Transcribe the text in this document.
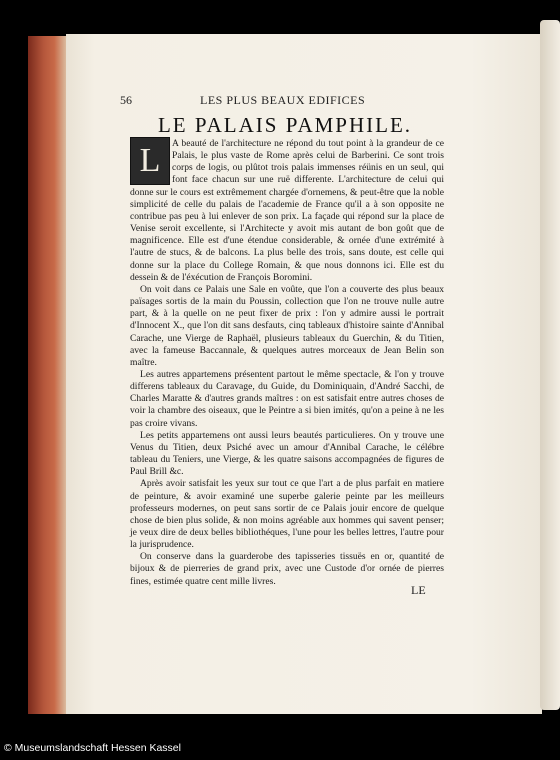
56	LES PLUS BEAUX EDIFICES
LE PALAIS PAMPHILE.
L	A beauté de l'architecture ne répond du tout point à la grandeur de ce Palais, le plus vaste de Rome après celui de Barberini. Ce sont trois corps de logis, ou plûtot trois palais immenses réünis en un seul, qui font face chacun sur une ruë differente. L'architecture de celui qui donne sur le cours est extrêmement chargée d'ornemens, & peut-être que la noble simplicité de celle du palais de l'academie de France qu'il a à son opposite ne contribue pas peu à lui enlever de son prix. La façade qui répond sur la place de Venise seroit excellente, si l'Architecte y avoit mis autant de bon goût que de magnificence. Elle est d'une étendue considerable, & ornée d'une extrémité à l'autre de stucs, & de balcons. La plus belle des trois, sans doute, est celle qui donne sur la place du College Romain, & que nous donnons ici. Elle est du dessein & de l'éxécution de François Boromini.

On voit dans ce Palais une Sale en voûte, que l'on a couverte des plus beaux païsages sortis de la main du Poussin, collection que l'on ne trouve nulle autre part, & à la quelle on ne peut fixer de prix : l'on y admire aussi le portrait d'Innocent X., que l'on dit sans desfauts, cinq tableaux d'histoire sainte d'Annibal Carache, une Vierge de Raphaël, plusieurs tableaux du Guerchin, & du Titien, avec la fameuse Baccannale, & quelques autres morceaux de Jean Belin son maître.

Les autres appartemens présentent partout le même spectacle, & l'on y trouve differens tableaux du Caravage, du Guide, du Dominiquain, d'André Sacchi, de Charles Maratte & d'autres grands maîtres : on est satisfait entre autres choses de voir la chambre des oiseaux, que le Peintre a si bien imités, qu'on a peine à ne les pas croire vivans.

Les petits appartemens ont aussi leurs beautés particulieres. On y trouve une Venus du Titien, deux Psiché avec un amour d'Annibal Carache, le célébre tableau du Teniers, une Vierge, & les quatre saisons accompagnées de figures de Paul Brill &c.

Après avoir satisfait les yeux sur tout ce que l'art a de plus parfait en matiere de peinture, & avoir examiné une superbe galerie peinte par les meilleurs professeurs modernes, on peut sans sortir de ce Palais jouir encore de quelque chose de bien plus solide, & non moins agréable aux hommes qui savent penser; je veux dire de deux belles bibliothéques, l'une pour les belles lettres, l'autre pour la jurisprudence.

On conserve dans la guarderobe des tapisseries tissuës en or, quantité de bijoux & de pierreries de grand prix, avec une Custode d'or ornée de pierres fines, estimée quatre cent mille livres.

LE
© Museumslandschaft Hessen Kassel
